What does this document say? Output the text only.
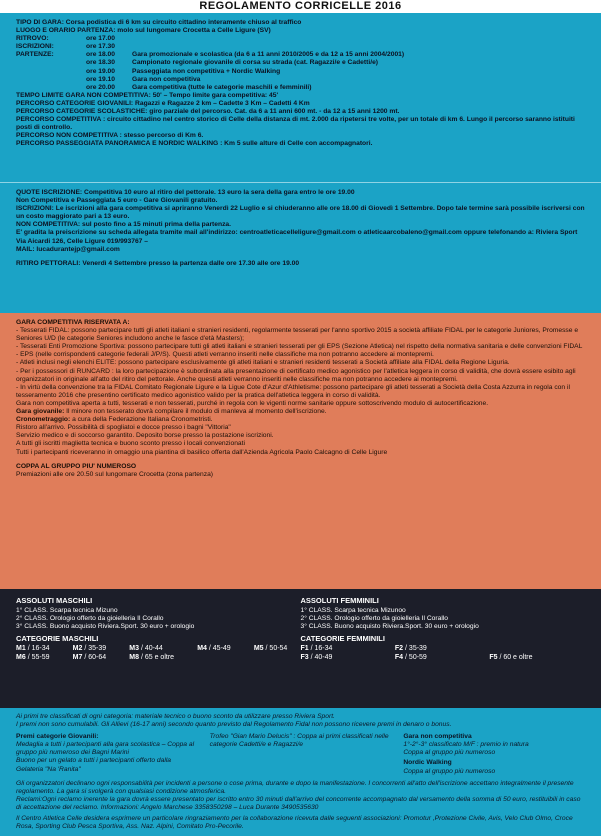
REGOLAMENTO CORRICELLE 2016
TIPO DI GARA: Corsa podistica di 6 km su circuito cittadino interamente chiuso al traffico
LUOGO E ORARIO PARTENZA: molo sul lungomare Crocetta a Celle Ligure (SV)
RITROVO:	ore 17.00
ISCRIZIONI:	ore 17.30
PARTENZE:	ore 18.00	Gara promozionale e scolastica (da 6 a 11 anni 2010/2005 e da 12 a 15 anni 2004/2001)
ore 18.30	Campionato regionale giovanile di corsa su strada (cat. Ragazzi/e e Cadetti/e)
ore 19.00	Passeggiata non competitiva + Nordic Walking
ore 19.10	Gara non competitiva
ore 20.00	Gara competitiva (tutte le categorie maschili e femminili)
TEMPO LIMITE GARA NON COMPETITIVA: 50' – Tempo limite gara competitiva: 45'
PERCORSO CATEGORIE GIOVANILI: Ragazzi e Ragazze 2 km – Cadette 3 Km – Cadetti 4 Km
PERCORSO CATEGORIE SCOLASTICHE: giro parziale del percorso. Cat. da 6 a 11 anni 600 mt. - da 12 a 15 anni 1200 mt.
PERCORSO COMPETITIVA : circuito cittadino nel centro storico di Celle della distanza di mt. 2.000 da ripetersi tre volte, per un totale di km 6. Lungo il percorso saranno istituiti posti di controllo.
PERCORSO NON COMPETITIVA : stesso percorso di Km 6.
PERCORSO PASSEGGIATA PANORAMICA E NORDIC WALKING : Km 5 sulle alture di Celle con accompagnatori.
QUOTE ISCRIZIONE: Competitiva 10 euro al ritiro del pettorale. 13 euro la sera della gara entro le ore 19.00
Non Competitiva e Passeggiata 5 euro - Gare Giovanili gratuito.
ISCRIZIONI: Le iscrizioni alla gara competitiva si apriranno Venerdì 22 Luglio e si chiuderanno alle ore 18.00 di Giovedì 1 Settembre. Dopo tale termine sarà possibile iscriversi con un costo maggiorato pari a 13 euro.
NON COMPETITIVA: sul posto fino a 15 minuti prima della partenza.
E' gradita la preiscrizione su scheda allegata tramite mail all'indirizzo: centroatleticacelleligure@gmail.com o atleticaarcobaleno@gmail.com oppure telefonando a: Riviera Sport Via Aicardi 126, Celle Ligure 019/993767 –
MAIL: lucadurantejp@gmail.com
RITIRO PETTORALI: Venerdì 4 Settembre presso la partenza dalle ore 17.30 alle ore 19.00
GARA COMPETITIVA RISERVATA A:
- Tesserati FIDAL: possono partecipare tutti gli atleti italiani e stranieri residenti, regolarmente tesserati per l'anno sportivo 2015 a società affiliate FIDAL per le categorie Juniores, Promesse e Seniores U/D (le categorie Seniores includono anche le fasce d'età Masters);
- Tesserati Enti Promozione Sportiva: possono partecipare tutti gli atleti italiani e stranieri tesserati per gli EPS (Sezione Atletica) nel rispetto della normativa sanitaria e delle convenzioni FIDAL - EPS (nelle corrispondenti categorie federali J/P/S). Questi atleti verranno inseriti nelle classifiche ma non potranno accedere ai montepremi.
- Atleti inclusi negli elenchi ELITE: possono partecipare esclusivamente gli atleti italiani e stranieri residenti tesserati a Società affiliate alla FIDAL della Regione Liguria.
- Per i possessori di RUNCARD : la loro partecipazione è subordinata alla presentazione di certificato medico agonistico per l'atletica leggera in corso di validità, che dovrà essere esibito agli organizzatori in originale all'atto del ritiro del pettorale. Anche questi atleti verranno inseriti nelle classifiche ma non potranno accedere ai montepremi.
- In virtù della convenzione tra la FIDAL Comitato Regionale Ligure e la Ligue Cote d'Azur d'Athletisme: possono partecipare gli atleti tesserati a Società della Costa Azzurra in regola con il tesseramento 2016 che presentino certificato medico agonistico valido per la pratica dell'atletica leggera in corso di validità.
Gara non competitiva aperta a tutti, tesserati e non tesserati, purché in regola con le vigenti norme sanitarie oppure sottoscrivendo modulo di autocertificazione.
Gara giovanile: Il minore non tesserato dovrà compilare il modulo di manleva al momento dell'iscrizione.
Cronometraggio: a cura della Federazione Italiana Cronometristi.
Ristoro all'arrivo. Possibilità di spogliatoi e docce presso i bagni "Vittoria"
Servizio medico e di soccorso garantito. Deposito borse presso la postazione iscrizioni.
A tutti gli iscritti maglietta tecnica e buono sconto presso i locali convenzionati
Tutti i partecipanti riceveranno in omaggio una piantina di basilico offerta dall'Azienda Agricola Paolo Calcagno di Celle Ligure
COPPA AL GRUPPO PIU' NUMEROSO
Premiazioni alle ore 20.50 sul lungomare Crocetta (zona partenza)
ASSOLUTI MASCHILI
1° CLASS. Scarpa tecnica Mizuno
2° CLASS. Orologio offerto da gioielleria Il Corallo
3° CLASS. Buono acquisto Riviera.Sport. 30 euro + orologio
CATEGORIE MASCHILI
M1 / 16-34	M2 / 35-39	M3 / 40-44	M4 / 45-49	M5 / 50-54
M6 / 55-59	M7 / 60-64	M8 / 65 e oltre
ASSOLUTI FEMMINILI
1° CLASS. Scarpa tecnica Mizunoo
2° CLASS. Orologio offerto da gioielleria Il Corallo
3° CLASS. Buono acquisto Riviera.Sport. 30 euro + orologio
CATEGORIE FEMMINILI
F1 / 16-34	F2 / 35-39
F3 / 40-49	F4 / 50-59	F5 / 60 e oltre
Ai primi tre classificati di ogni categoria: materiale tecnico o buono sconto da utilizzare presso Riviera Sport.
I premi non sono cumulabili. Gli Allievi (16-17 anni) secondo quanto previsto dal Regolamento Fidal non possono ricevere premi in denaro o bonus.
Premi categorie Giovanili:
Medaglia a tutti i partecipanti alla gara scolastica – Coppa al gruppo più numeroso dei Bagni Marini
Buono per un gelato a tutti i partecipanti offerto dalla Gelateria "Na 'Ranita"
Trofeo "Gian Mario Delucis" : Coppa ai primi classificati nelle categorie Cadetti/e e Ragazzi/e
Gara non competitiva
1°-2°-3° classificato M/F : premio in natura
Coppa al gruppo più numeroso
Nordic Walking
Coppa al gruppo più numeroso
Gli organizzatori declinano ogni responsabilità per incidenti a persone o cose prima, durante e dopo la manifestazione. I concorrenti all'atto dell'iscrizione accettano integralmente il presente regolamento. La gara si svolgerà con qualsiasi condizione atmosferica.
Reclami:Ogni reclamo inerente la gara dovrà essere presentato per iscritto entro 30 minuti dall'arrivo del concorrente accompagnato dal versamento della somma di 50 euro, restituibili in caso di accettazione del reclamo. Informazioni: Angelo Marchese 3358350298 – Luca Durante 3490535630
Il Centro Atletica Celle desidera esprimere un particolare ringraziamento per la collaborazione ricevuta dalle seguenti associazioni: Promotur ,Protezione Civile, Avis, Velo Club Olmo, Croce Rosa, Sporting Club Pesca Sportiva, Ass. Naz. Alpini, Comitato Pro-Pecorile.
